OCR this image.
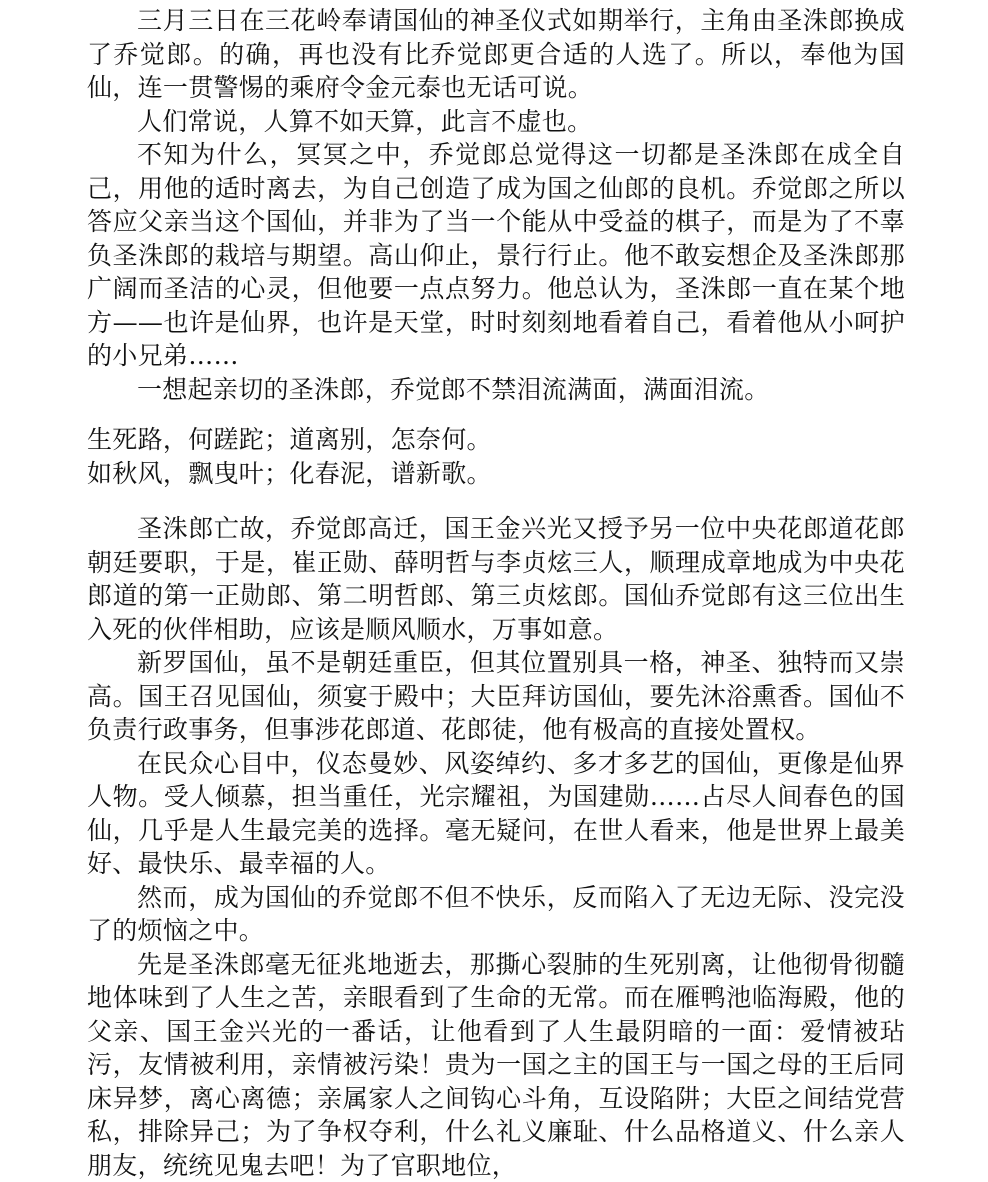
三月三日在三花岭奉请国仙的神圣仪式如期举行，主角由圣洙郎换成了乔觉郎。的确，再也没有比乔觉郎更合适的人选了。所以，奉他为国仙，连一贯警惕的乘府令金元泰也无话可说。

人们常说，人算不如天算，此言不虚也。

不知为什么，冥冥之中，乔觉郎总觉得这一切都是圣洙郎在成全自己，用他的适时离去，为自己创造了成为国之仙郎的良机。乔觉郎之所以答应父亲当这个国仙，并非为了当一个能从中受益的棋子，而是为了不辜负圣洙郎的栽培与期望。高山仰止，景行行止。他不敢妄想企及圣洙郎那广阔而圣洁的心灵，但他要一点点努力。他总认为，圣洙郎一直在某个地方——也许是仙界，也许是天堂，时时刻刻地看着自己，看着他从小呵护的小兄弟……

一想起亲切的圣洙郎，乔觉郎不禁泪流满面，满面泪流。

生死路，何蹉跎；道离别，怎奈何。

如秋风，飘曳叶；化春泥，谱新歌。

圣洙郎亡故，乔觉郎高迁，国王金兴光又授予另一位中央花郎道花郎朝廷要职，于是，崔正勋、薛明哲与李贞炫三人，顺理成章地成为中央花郎道的第一正勋郎、第二明哲郎、第三贞炫郎。国仙乔觉郎有这三位出生入死的伙伴相助，应该是顺风顺水，万事如意。

新罗国仙，虽不是朝廷重臣，但其位置别具一格，神圣、独特而又崇高。国王召见国仙，须宴于殿中；大臣拜访国仙，要先沐浴熏香。国仙不负责行政事务，但事涉花郎道、花郎徒，他有极高的直接处置权。

在民众心目中，仪态曼妙、风姿绰约、多才多艺的国仙，更像是仙界人物。受人倾慕，担当重任，光宗耀祖，为国建勋……占尽人间春色的国仙，几乎是人生最完美的选择。毫无疑问，在世人看来，他是世界上最美好、最快乐、最幸福的人。

然而，成为国仙的乔觉郎不但不快乐，反而陷入了无边无际、没完没了的烦恼之中。

先是圣洙郎毫无征兆地逝去，那撕心裂肺的生死别离，让他彻骨彻髓地体味到了人生之苦，亲眼看到了生命的无常。而在雁鸭池临海殿，他的父亲、国王金兴光的一番话，让他看到了人生最阴暗的一面：爱情被玷污，友情被利用，亲情被污染！贵为一国之主的国王与一国之母的王后同床异梦，离心离德；亲属家人之间钩心斗角，互设陷阱；大臣之间结党营私，排除异己；为了争权夺利，什么礼义廉耻、什么品格道义、什么亲人朋友，统统见鬼去吧！为了官职地位，
